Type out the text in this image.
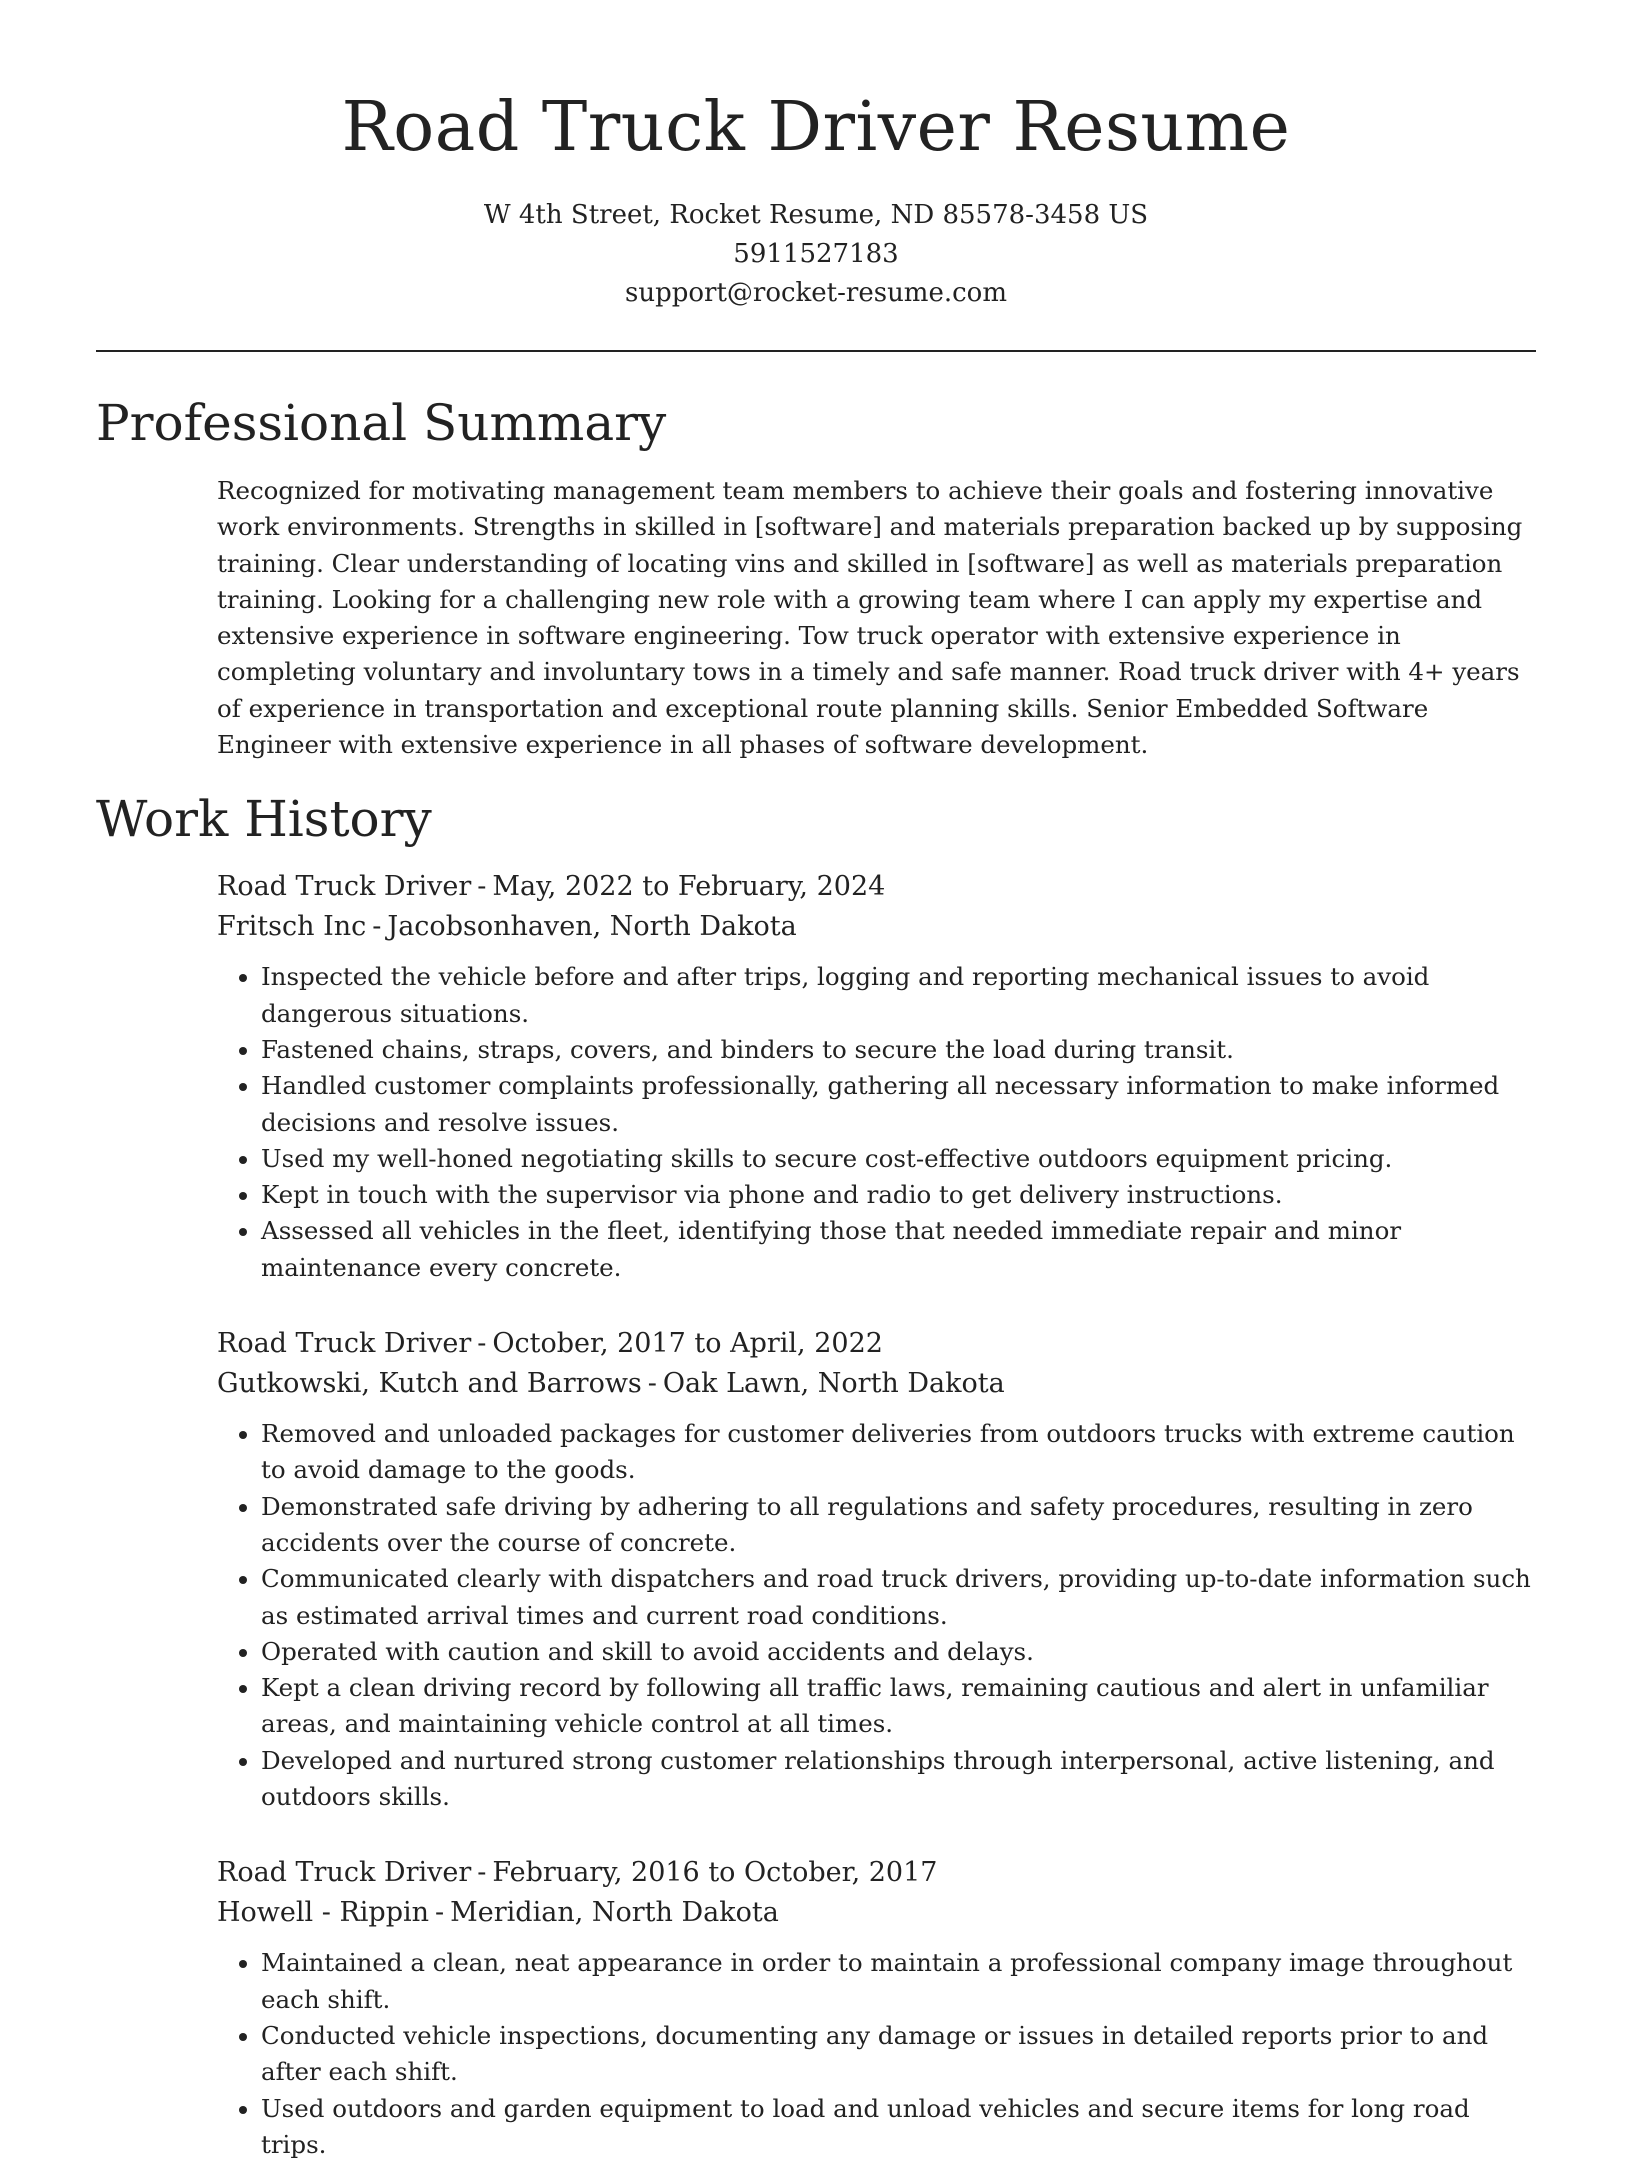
Road Truck Driver Resume
W 4th Street, Rocket Resume, ND 85578-3458 US
5911527183
support@rocket-resume.com
Professional Summary

Recognized for motivating management team members to achieve their goals and fostering innovative work environments. Strengths in skilled in [software] and materials preparation backed up by supposing training. Clear understanding of locating vins and skilled in [software] as well as materials preparation training. Looking for a challenging new role with a growing team where I can apply my expertise and extensive experience in software engineering. Tow truck operator with extensive experience in completing voluntary and involuntary tows in a timely and safe manner. Road truck driver with 4+ years of experience in transportation and exceptional route planning skills. Senior Embedded Software Engineer with extensive experience in all phases of software development.

Work History
Road Truck Driver - May, 2022 to February, 2024
Fritsch Inc - Jacobsonhaven, North Dakota
• Inspected the vehicle before and after trips, logging and reporting mechanical issues to avoid dangerous situations.
• Fastened chains, straps, covers, and binders to secure the load during transit.
• Handled customer complaints professionally, gathering all necessary information to make informed decisions and resolve issues.
• Used my well-honed negotiating skills to secure cost-effective outdoors equipment pricing.
• Kept in touch with the supervisor via phone and radio to get delivery instructions.
• Assessed all vehicles in the fleet, identifying those that needed immediate repair and minor maintenance every concrete.
Road Truck Driver - October, 2017 to April, 2022
Gutkowski, Kutch and Barrows - Oak Lawn, North Dakota
• Removed and unloaded packages for customer deliveries from outdoors trucks with extreme caution to avoid damage to the goods.
• Demonstrated safe driving by adhering to all regulations and safety procedures, resulting in zero accidents over the course of concrete.
• Communicated clearly with dispatchers and road truck drivers, providing up-to-date information such as estimated arrival times and current road conditions.
• Operated with caution and skill to avoid accidents and delays.
• Kept a clean driving record by following all traffic laws, remaining cautious and alert in unfamiliar areas, and maintaining vehicle control at all times.
• Developed and nurtured strong customer relationships through interpersonal, active listening, and outdoors skills.
Road Truck Driver - February, 2016 to October, 2017
Howell - Rippin - Meridian, North Dakota
• Maintained a clean, neat appearance in order to maintain a professional company image throughout each shift.
• Conducted vehicle inspections, documenting any damage or issues in detailed reports prior to and after each shift.
• Used outdoors and garden equipment to load and unload vehicles and secure items for long road trips.
